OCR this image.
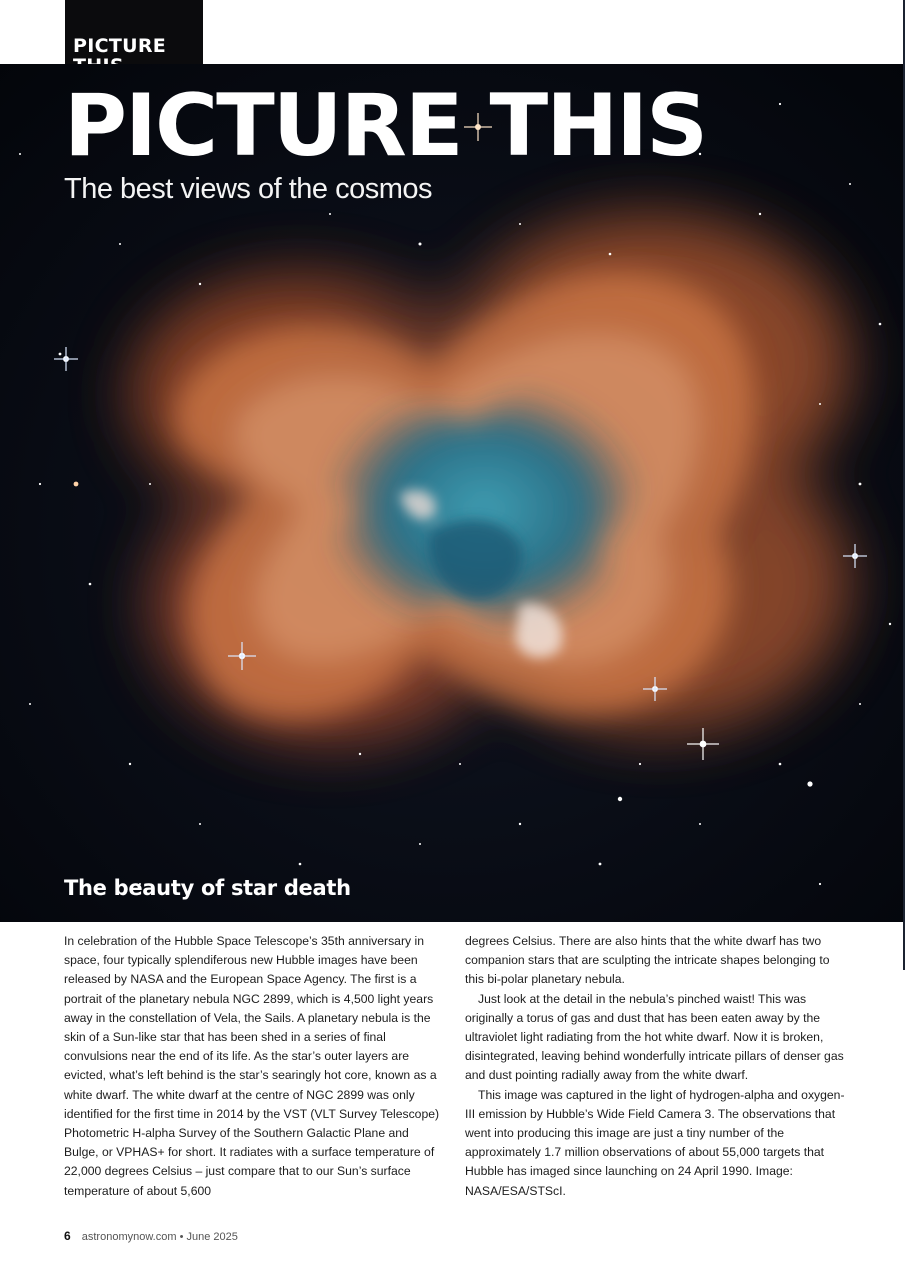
PICTURE
PICTURE THIS
The best views of the cosmos
The beauty of star death

In celebration of the Hubble Space Telescope’s 35th anniversary in space, four typically splendiferous new Hubble images have been released by NASA and the European Space Agency. The first is a portrait of the planetary nebula NGC 2899, which is 4,500 light years away in the constellation of Vela, the Sails. A planetary nebula is the skin of a Sun-like star that has been shed in a series of final convulsions near the end of its life. As the star’s outer layers are evicted, what’s left behind is the star’s searingly hot core, known as a white dwarf. The white dwarf at the centre of NGC 2899 was only identified for the first time in 2014 by the VST (VLT Survey Telescope) Photometric H-alpha Survey of the Southern Galactic Plane and Bulge, or VPHAS+ for short. It radiates with a surface temperature of 22,000 degrees Celsius – just compare that to our Sun’s surface temperature of about 5,600

degrees Celsius. There are also hints that the white dwarf has two companion stars that are sculpting the intricate shapes belonging to this bi-polar planetary nebula.

Just look at the detail in the nebula’s pinched waist! This was originally a torus of gas and dust that has been eaten away by the ultraviolet light radiating from the hot white dwarf. Now it is broken, disintegrated, leaving behind wonderfully intricate pillars of denser gas and dust pointing radially away from the white dwarf.

This image was captured in the light of hydrogen-alpha and oxygen-III emission by Hubble’s Wide Field Camera 3. The observations that went into producing this image are just a tiny number of the approximately 1.7 million observations of about 55,000 targets that Hubble has imaged since launching on 24 April 1990. Image: NASA/ESA/STScI.

6 astronomynow.com • June 2025
